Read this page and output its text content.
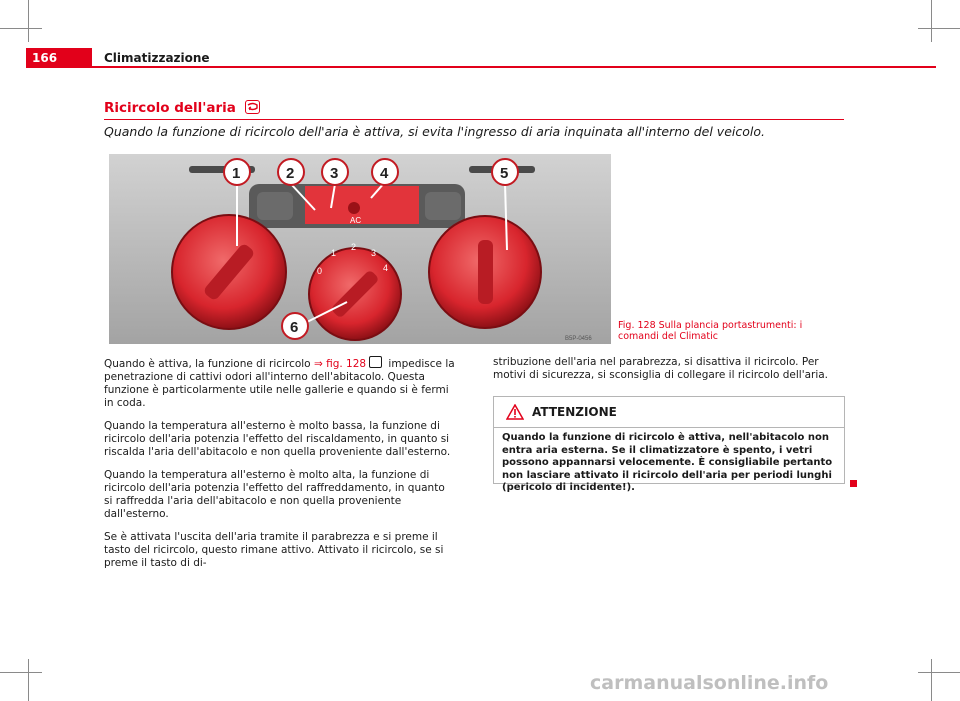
166	Climatizzazione
Ricircolo dell'aria
Quando la funzione di ricircolo dell'aria è attiva, si evita l'ingresso di aria inquinata all'interno del veicolo.
AC
0
1
2
3
4
1	2 3	4	5
6
B5P-0456
Fig. 128 Sulla plancia portastrumenti: i comandi del Climatic

Quando è attiva, la funzione di ricircolo ⇒ fig. 128 impedisce la penetrazione di cattivi odori all'interno dell'abitacolo. Questa funzione è particolarmente utile nelle gallerie e quando si è fermi in coda.

Quando la temperatura all'esterno è molto bassa, la funzione di ricircolo dell'aria potenzia l'effetto del riscaldamento, in quanto si riscalda l'aria dell'abitacolo e non quella proveniente dall'esterno.

Quando la temperatura all'esterno è molto alta, la funzione di ricircolo dell'aria potenzia l'effetto del raffreddamento, in quanto si raffredda l'aria dell'abitacolo e non quella proveniente dall'esterno.

Se è attivata l'uscita dell'aria tramite il parabrezza e si preme il tasto del ricircolo, questo rimane attivo. Attivato il ricircolo, se si preme il tasto di di-

stribuzione dell'aria nel parabrezza, si disattiva il ricircolo. Per motivi di sicurezza, si sconsiglia di collegare il ricircolo dell'aria.

ATTENZIONE
Quando la funzione di ricircolo è attiva, nell'abitacolo non entra aria esterna. Se il climatizzatore è spento, i vetri possono appannarsi velocemente. È consigliabile pertanto non lasciare attivato il ricircolo dell'aria per periodi lunghi (pericolo di incidente!).
carmanualsonline.info
